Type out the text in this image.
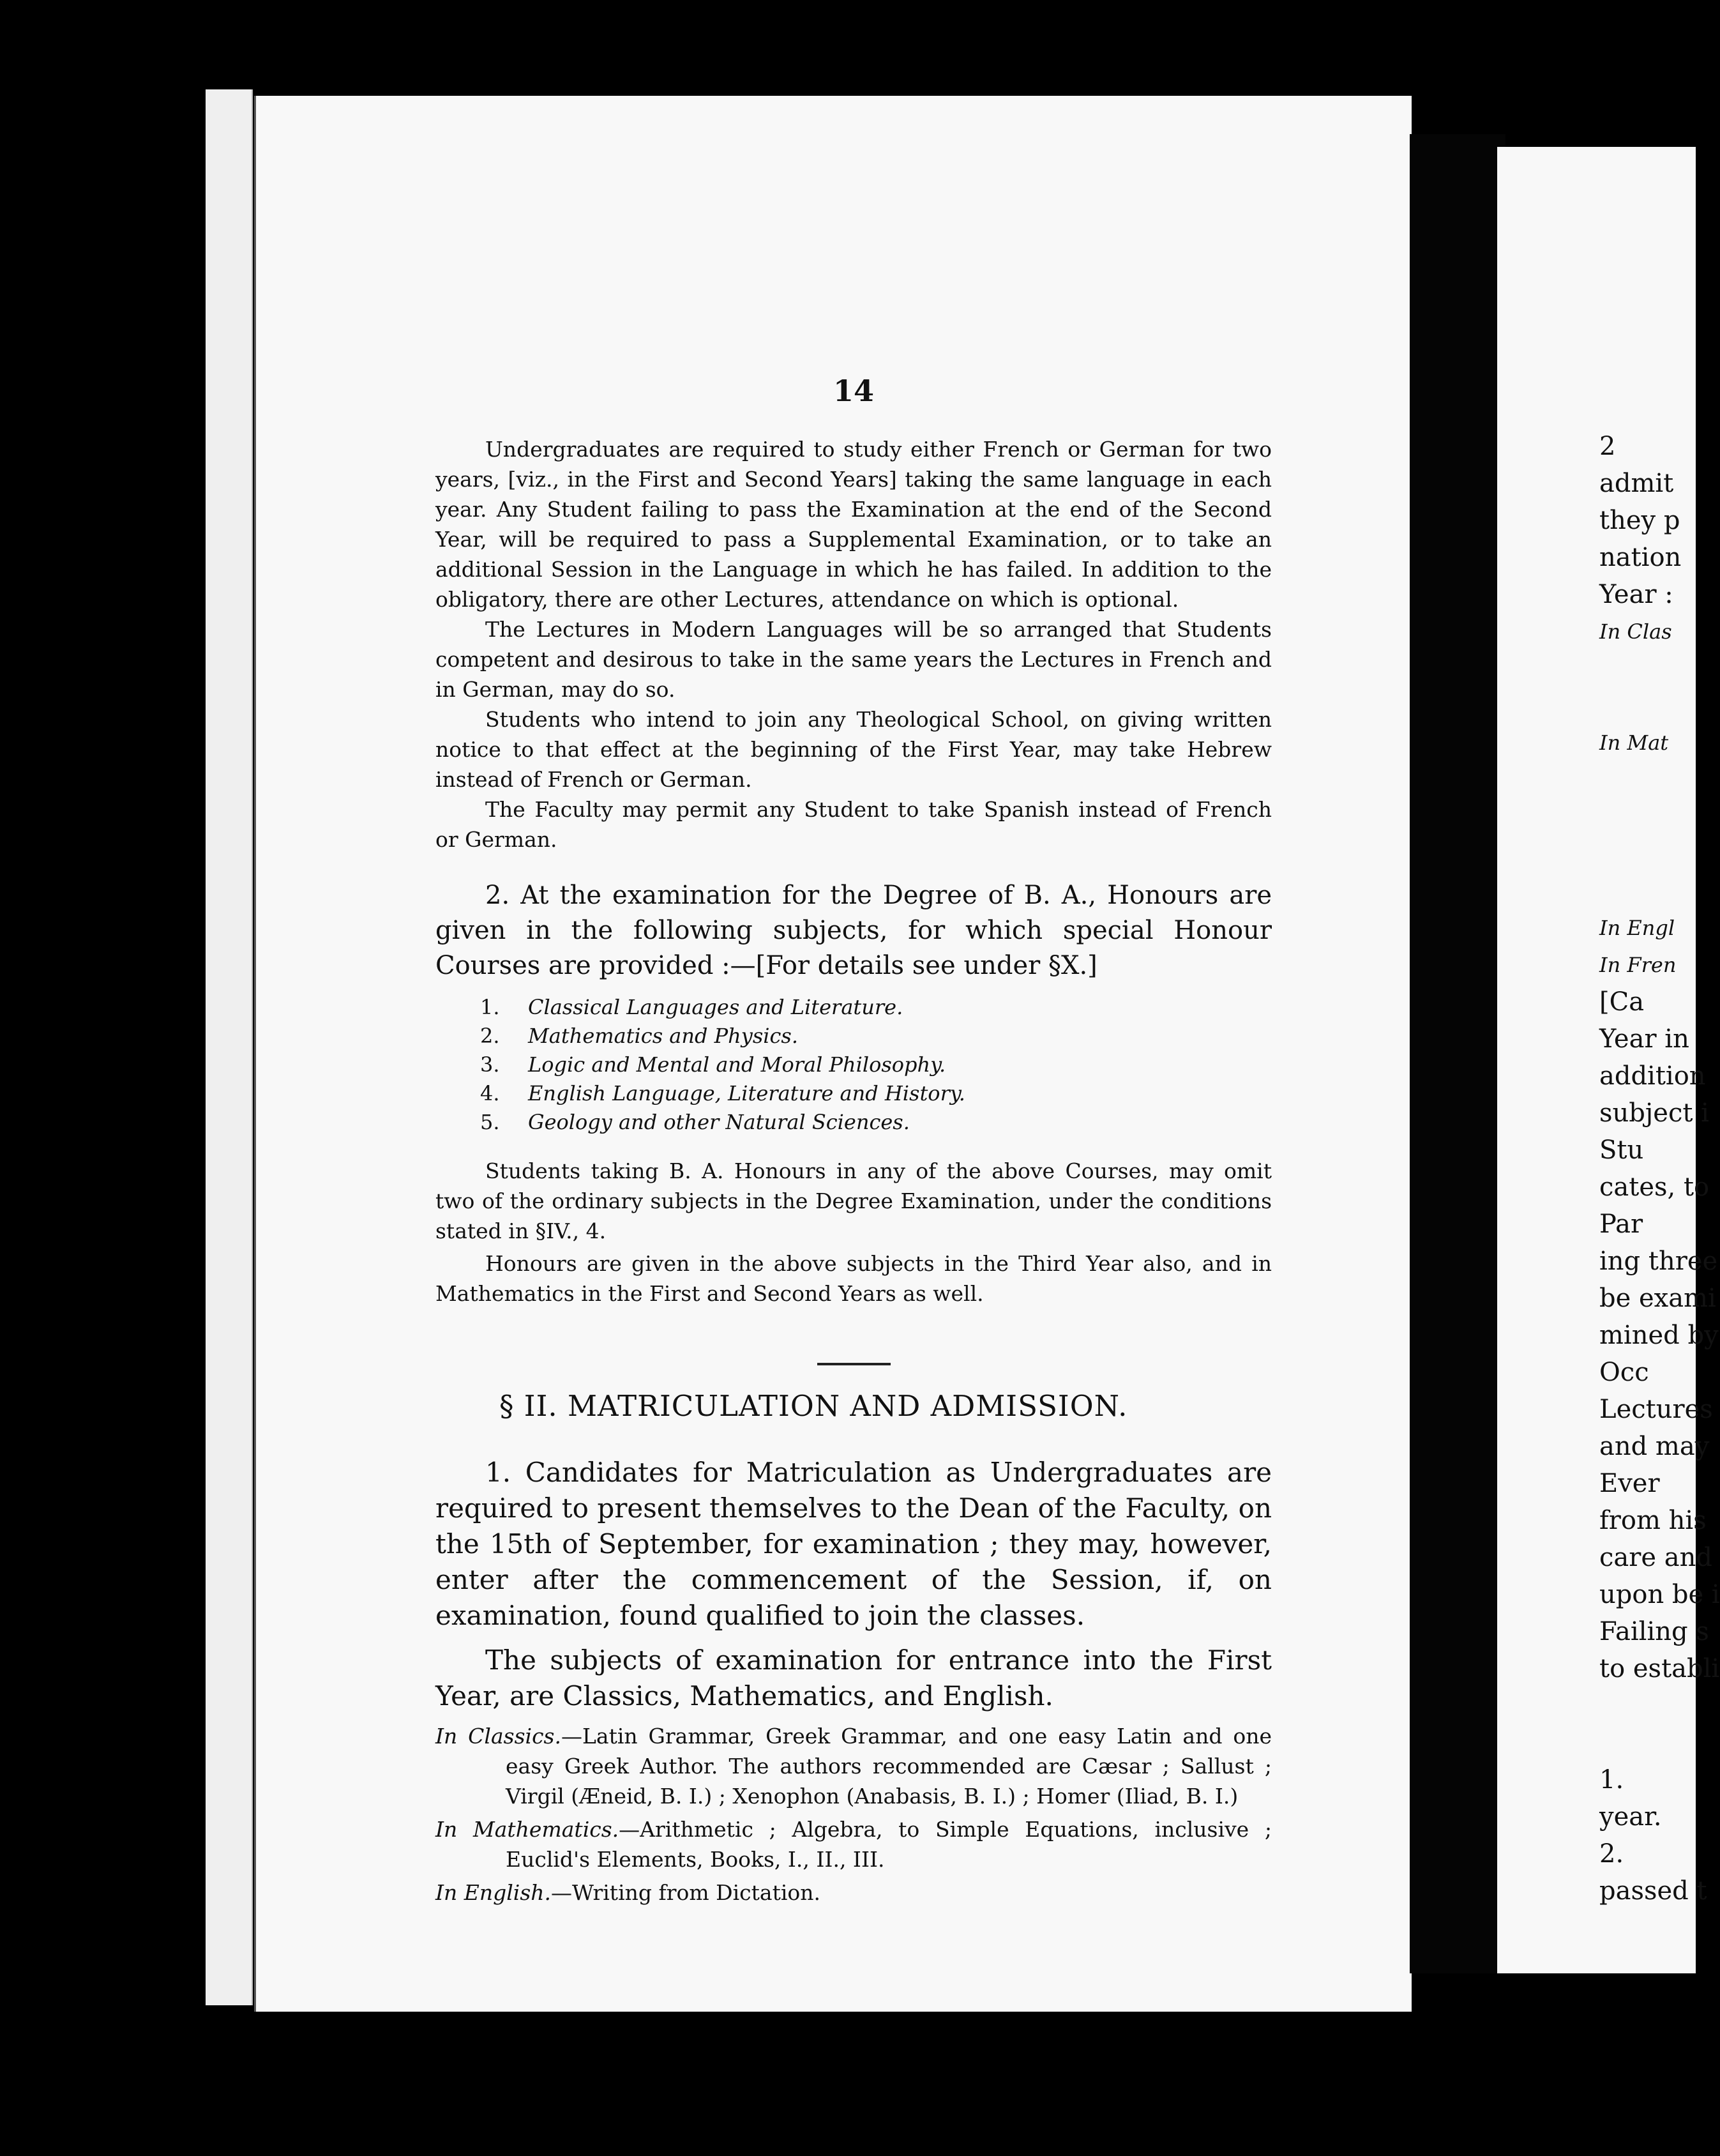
14

Undergraduates are required to study either French or German for two years, [viz., in the First and Second Years] taking the same language in each year. Any Student failing to pass the Examination at the end of the Second Year, will be required to pass a Supplemental Examination, or to take an additional Session in the Language in which he has failed. In addition to the obligatory, there are other Lectures, attendance on which is optional.

The Lectures in Modern Languages will be so arranged that Students competent and desirous to take in the same years the Lectures in French and in German, may do so.

Students who intend to join any Theological School, on giving written notice to that effect at the beginning of the First Year, may take Hebrew instead of French or German.

The Faculty may permit any Student to take Spanish instead of French or German.

2. At the examination for the Degree of B. A., Honours are given in the following subjects, for which special Honour Courses are provided :—[For details see under §X.]

1.	Classical Languages and Literature.
2.	Mathematics and Physics.
3.	Logic and Mental and Moral Philosophy.
4.	English Language, Literature and History.
5.	Geology and other Natural Sciences.

Students taking B. A. Honours in any of the above Courses, may omit two of the ordinary subjects in the Degree Examination, under the conditions stated in §IV., 4.

Honours are given in the above subjects in the Third Year also, and in Mathematics in the First and Second Years as well.

§ II. MATRICULATION AND ADMISSION.

1. Candidates for Matriculation as Undergraduates are required to present themselves to the Dean of the Faculty, on the 15th of September, for examination ; they may, however, enter after the commencement of the Session, if, on examination, found qualified to join the classes.

The subjects of examination for entrance into the First Year, are Classics, Mathematics, and English.

In Classics.—Latin Grammar, Greek Grammar, and one easy Latin and one easy Greek Author. The authors recommended are Cæsar ; Sallust ; Virgil (Æneid, B. I.) ; Xenophon (Anabasis, B. I.) ; Homer (Iliad, B. I.)
In Mathematics.—Arithmetic ; Algebra, to Simple Equations, inclusive ; Euclid's Elements, Books, I., II., III.
In English.—Writing from Dictation.
2
admit
they p
nation
Year :
In Clas
In Mat
In Engl
In Fren
[Ca
Year in
addition
subject i
Stu
cates, to
Par
ing three
be exami
mined by
Occ
Lectures
and may
Ever
from his
care and
upon be i
Failing s
to establi
1.
year.
2.
passed t
